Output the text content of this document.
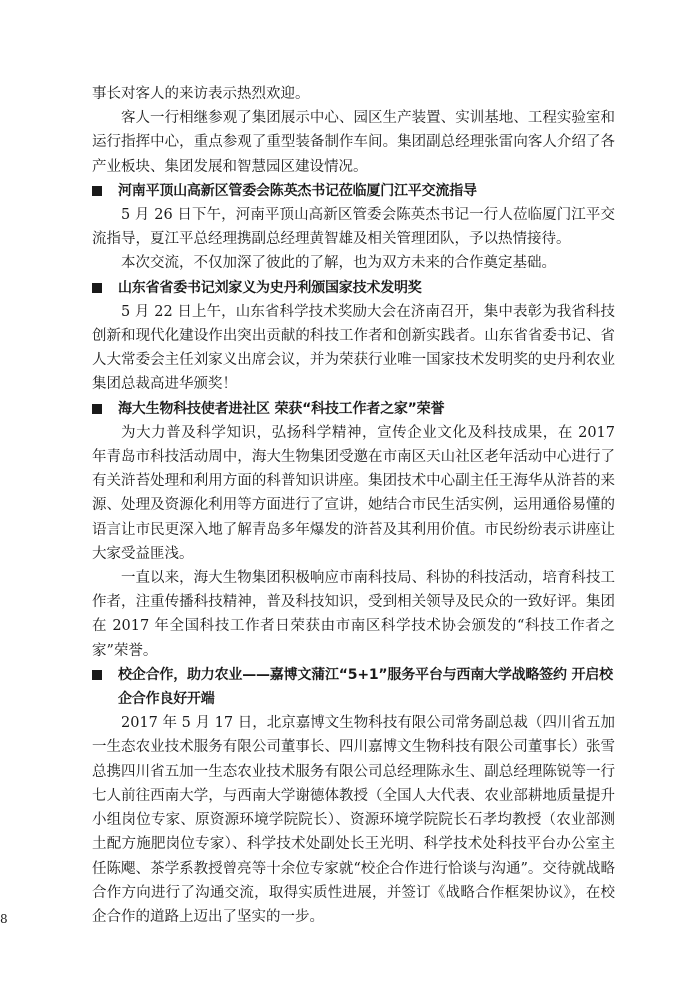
事长对客人的来访表示热烈欢迎。

客人一行相继参观了集团展示中心、园区生产装置、实训基地、工程实验室和运行指挥中心，重点参观了重型装备制作车间。集团副总经理张雷向客人介绍了各产业板块、集团发展和智慧园区建设情况。

河南平顶山高新区管委会陈英杰书记莅临厦门江平交流指导

5 月 26 日下午，河南平顶山高新区管委会陈英杰书记一行人莅临厦门江平交流指导，夏江平总经理携副总经理黄智雄及相关管理团队，予以热情接待。

本次交流，不仅加深了彼此的了解，也为双方未来的合作奠定基础。

山东省省委书记刘家义为史丹利颁国家技术发明奖

5 月 22 日上午，山东省科学技术奖励大会在济南召开，集中表彰为我省科技创新和现代化建设作出突出贡献的科技工作者和创新实践者。山东省省委书记、省人大常委会主任刘家义出席会议，并为荣获行业唯一国家技术发明奖的史丹利农业集团总裁高进华颁奖！

海大生物科技使者进社区 荣获“科技工作者之家”荣誉

为大力普及科学知识，弘扬科学精神，宣传企业文化及科技成果，在 2017 年青岛市科技活动周中，海大生物集团受邀在市南区天山社区老年活动中心进行了有关浒苔处理和利用方面的科普知识讲座。集团技术中心副主任王海华从浒苔的来源、处理及资源化利用等方面进行了宣讲，她结合市民生活实例，运用通俗易懂的语言让市民更深入地了解青岛多年爆发的浒苔及其利用价值。市民纷纷表示讲座让大家受益匪浅。

一直以来，海大生物集团积极响应市南科技局、科协的科技活动，培育科技工作者，注重传播科技精神，普及科技知识，受到相关领导及民众的一致好评。集团在 2017 年全国科技工作者日荣获由市南区科学技术协会颁发的“科技工作者之家”荣誉。

校企合作，助力农业——嘉博文蒲江“5+1”服务平台与西南大学战略签约 开启校企合作良好开端

2017 年 5 月 17 日，北京嘉博文生物科技有限公司常务副总裁（四川省五加一生态农业技术服务有限公司董事长、四川嘉博文生物科技有限公司董事长）张雪总携四川省五加一生态农业技术服务有限公司总经理陈永生、副总经理陈锐等一行七人前往西南大学，与西南大学谢德体教授（全国人大代表、农业部耕地质量提升小组岗位专家、原资源环境学院院长）、资源环境学院院长石孝均教授（农业部测土配方施肥岗位专家）、科学技术处副处长王光明、科学技术处科技平台办公室主任陈飔、茶学系教授曾亮等十余位专家就“校企合作进行恰谈与沟通”。交待就战略合作方向进行了沟通交流，取得实质性进展，并签订《战略合作框架协议》，在校企合作的道路上迈出了坚实的一步。

8
